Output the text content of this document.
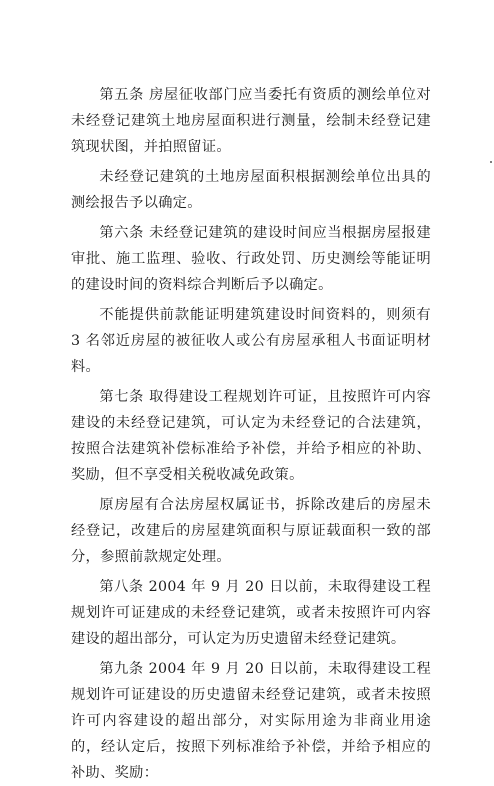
第五条 房屋征收部门应当委托有资质的测绘单位对未经登记建筑土地房屋面积进行测量，绘制未经登记建筑现状图，并拍照留证。

未经登记建筑的土地房屋面积根据测绘单位出具的测绘报告予以确定。

第六条 未经登记建筑的建设时间应当根据房屋报建审批、施工监理、验收、行政处罚、历史测绘等能证明的建设时间的资料综合判断后予以确定。

不能提供前款能证明建筑建设时间资料的，则须有 3 名邻近房屋的被征收人或公有房屋承租人书面证明材料。

第七条 取得建设工程规划许可证，且按照许可内容建设的未经登记建筑，可认定为未经登记的合法建筑，按照合法建筑补偿标准给予补偿，并给予相应的补助、奖励，但不享受相关税收减免政策。

原房屋有合法房屋权属证书，拆除改建后的房屋未经登记，改建后的房屋建筑面积与原证载面积一致的部分，参照前款规定处理。

第八条 2004 年 9 月 20 日以前，未取得建设工程规划许可证建成的未经登记建筑，或者未按照许可内容建设的超出部分，可认定为历史遗留未经登记建筑。

第九条 2004 年 9 月 20 日以前，未取得建设工程规划许可证建设的历史遗留未经登记建筑，或者未按照许可内容建设的超出部分，对实际用途为非商业用途的，经认定后，按照下列标准给予补偿，并给予相应的补助、奖励：
